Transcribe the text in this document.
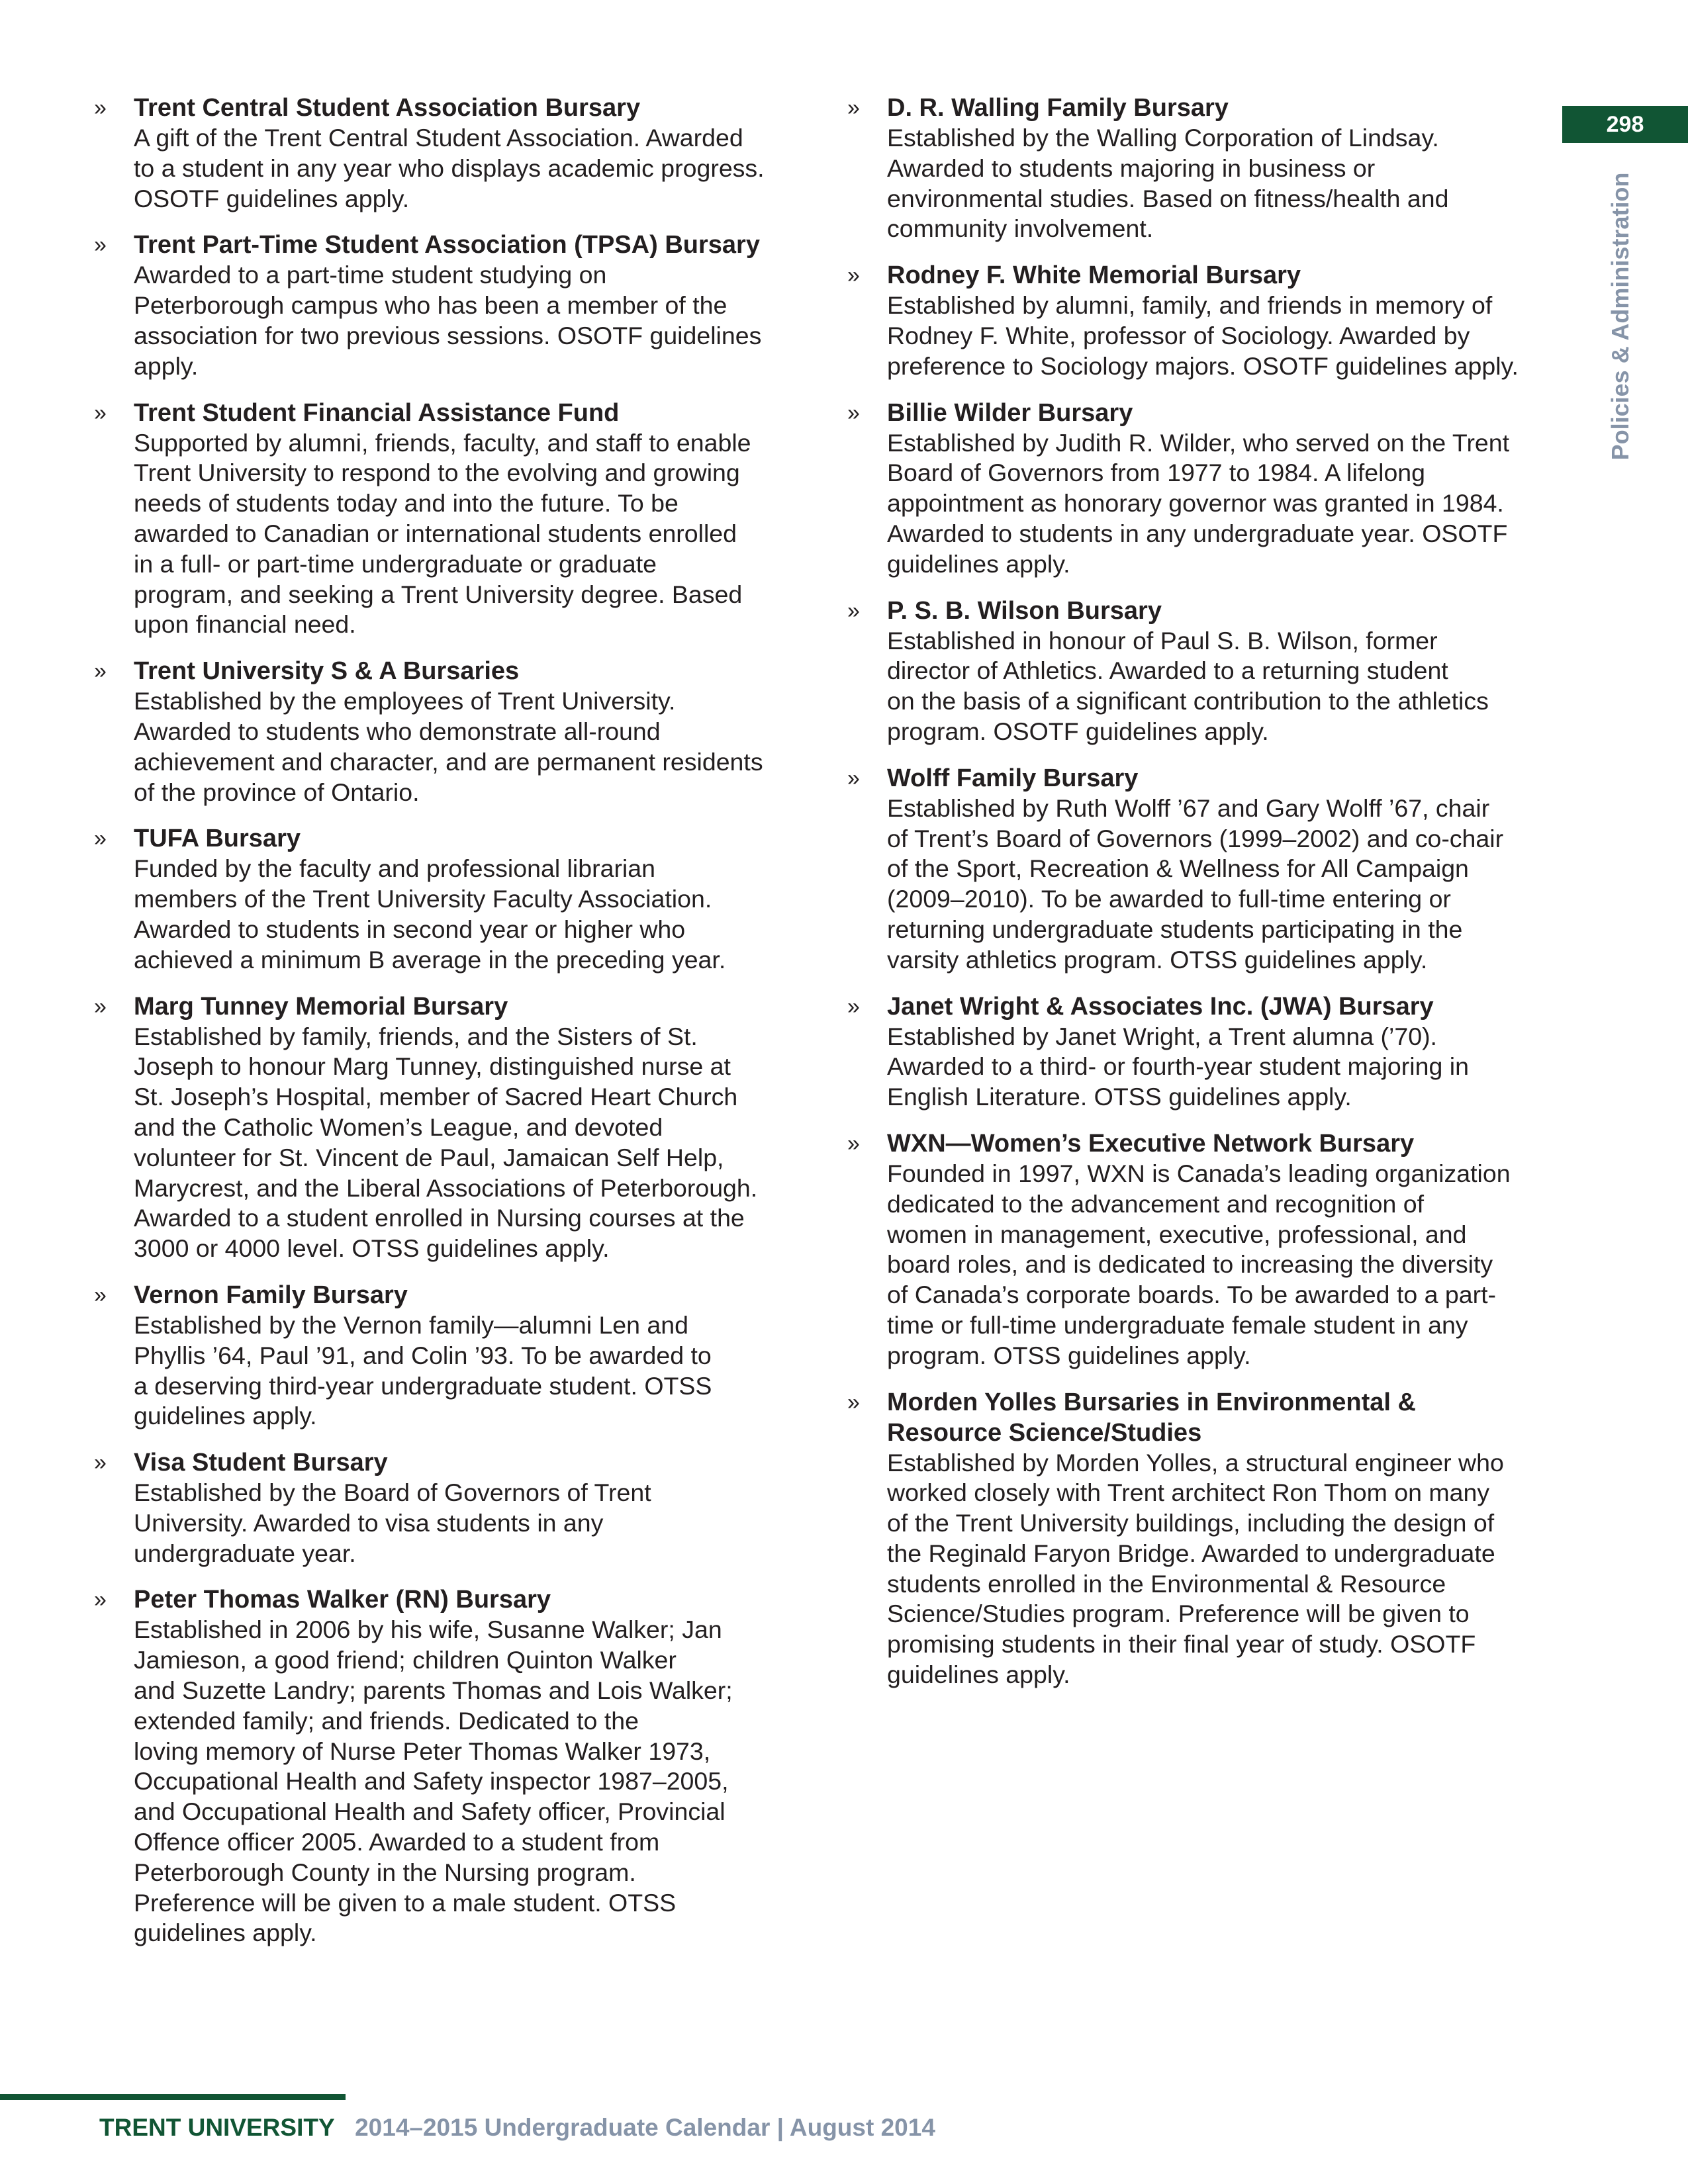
298
Policies & Administration
» Trent Central Student Association Bursary
A gift of the Trent Central Student Association. Awarded
to a student in any year who displays academic progress.
OSOTF guidelines apply.
» Trent Part-Time Student Association (TPSA) Bursary
Awarded to a part-time student studying on
Peterborough campus who has been a member of the
association for two previous sessions. OSOTF guidelines
apply.
» Trent Student Financial Assistance Fund
Supported by alumni, friends, faculty, and staff to enable
Trent University to respond to the evolving and growing
needs of students today and into the future. To be
awarded to Canadian or international students enrolled
in a full- or part-time undergraduate or graduate
program, and seeking a Trent University degree. Based
upon financial need.
» Trent University S & A Bursaries
Established by the employees of Trent University.
Awarded to students who demonstrate all-round
achievement and character, and are permanent residents
of the province of Ontario.
» TUFA Bursary
Funded by the faculty and professional librarian
members of the Trent University Faculty Association.
Awarded to students in second year or higher who
achieved a minimum B average in the preceding year.
» Marg Tunney Memorial Bursary
Established by family, friends, and the Sisters of St.
Joseph to honour Marg Tunney, distinguished nurse at
St. Joseph’s Hospital, member of Sacred Heart Church
and the Catholic Women’s League, and devoted
volunteer for St. Vincent de Paul, Jamaican Self Help,
Marycrest, and the Liberal Associations of Peterborough.
Awarded to a student enrolled in Nursing courses at the
3000 or 4000 level. OTSS guidelines apply.
» Vernon Family Bursary
Established by the Vernon family—alumni Len and
Phyllis ’64, Paul ’91, and Colin ’93. To be awarded to
a deserving third-year undergraduate student. OTSS
guidelines apply.
» Visa Student Bursary
Established by the Board of Governors of Trent
University. Awarded to visa students in any
undergraduate year.
» Peter Thomas Walker (RN) Bursary
Established in 2006 by his wife, Susanne Walker; Jan
Jamieson, a good friend; children Quinton Walker
and Suzette Landry; parents Thomas and Lois Walker;
extended family; and friends. Dedicated to the
loving memory of Nurse Peter Thomas Walker 1973,
Occupational Health and Safety inspector 1987–2005,
and Occupational Health and Safety officer, Provincial
Offence officer 2005. Awarded to a student from
Peterborough County in the Nursing program.
Preference will be given to a male student. OTSS
guidelines apply.
» D. R. Walling Family Bursary
Established by the Walling Corporation of Lindsay.
Awarded to students majoring in business or
environmental studies. Based on fitness/health and
community involvement.
» Rodney F. White Memorial Bursary
Established by alumni, family, and friends in memory of
Rodney F. White, professor of Sociology. Awarded by
preference to Sociology majors. OSOTF guidelines apply.
» Billie Wilder Bursary
Established by Judith R. Wilder, who served on the Trent
Board of Governors from 1977 to 1984. A lifelong
appointment as honorary governor was granted in 1984.
Awarded to students in any undergraduate year. OSOTF
guidelines apply.
» P. S. B. Wilson Bursary
Established in honour of Paul S. B. Wilson, former
director of Athletics. Awarded to a returning student
on the basis of a significant contribution to the athletics
program. OSOTF guidelines apply.
» Wolff Family Bursary
Established by Ruth Wolff ’67 and Gary Wolff ’67, chair
of Trent’s Board of Governors (1999–2002) and co-chair
of the Sport, Recreation & Wellness for All Campaign
(2009–2010). To be awarded to full-time entering or
returning undergraduate students participating in the
varsity athletics program. OTSS guidelines apply.
» Janet Wright & Associates Inc. (JWA) Bursary
Established by Janet Wright, a Trent alumna (’70).
Awarded to a third- or fourth-year student majoring in
English Literature. OTSS guidelines apply.
» WXN—Women’s Executive Network Bursary
Founded in 1997, WXN is Canada’s leading organization
dedicated to the advancement and recognition of
women in management, executive, professional, and
board roles, and is dedicated to increasing the diversity
of Canada’s corporate boards. To be awarded to a part-
time or full-time undergraduate female student in any
program. OTSS guidelines apply.
» Morden Yolles Bursaries in Environmental &
Resource Science/Studies
Established by Morden Yolles, a structural engineer who
worked closely with Trent architect Ron Thom on many
of the Trent University buildings, including the design of
the Reginald Faryon Bridge. Awarded to undergraduate
students enrolled in the Environmental & Resource
Science/Studies program. Preference will be given to
promising students in their final year of study. OSOTF
guidelines apply.
TRENT UNIVERSITY 2014–2015 Undergraduate Calendar | August 2014
